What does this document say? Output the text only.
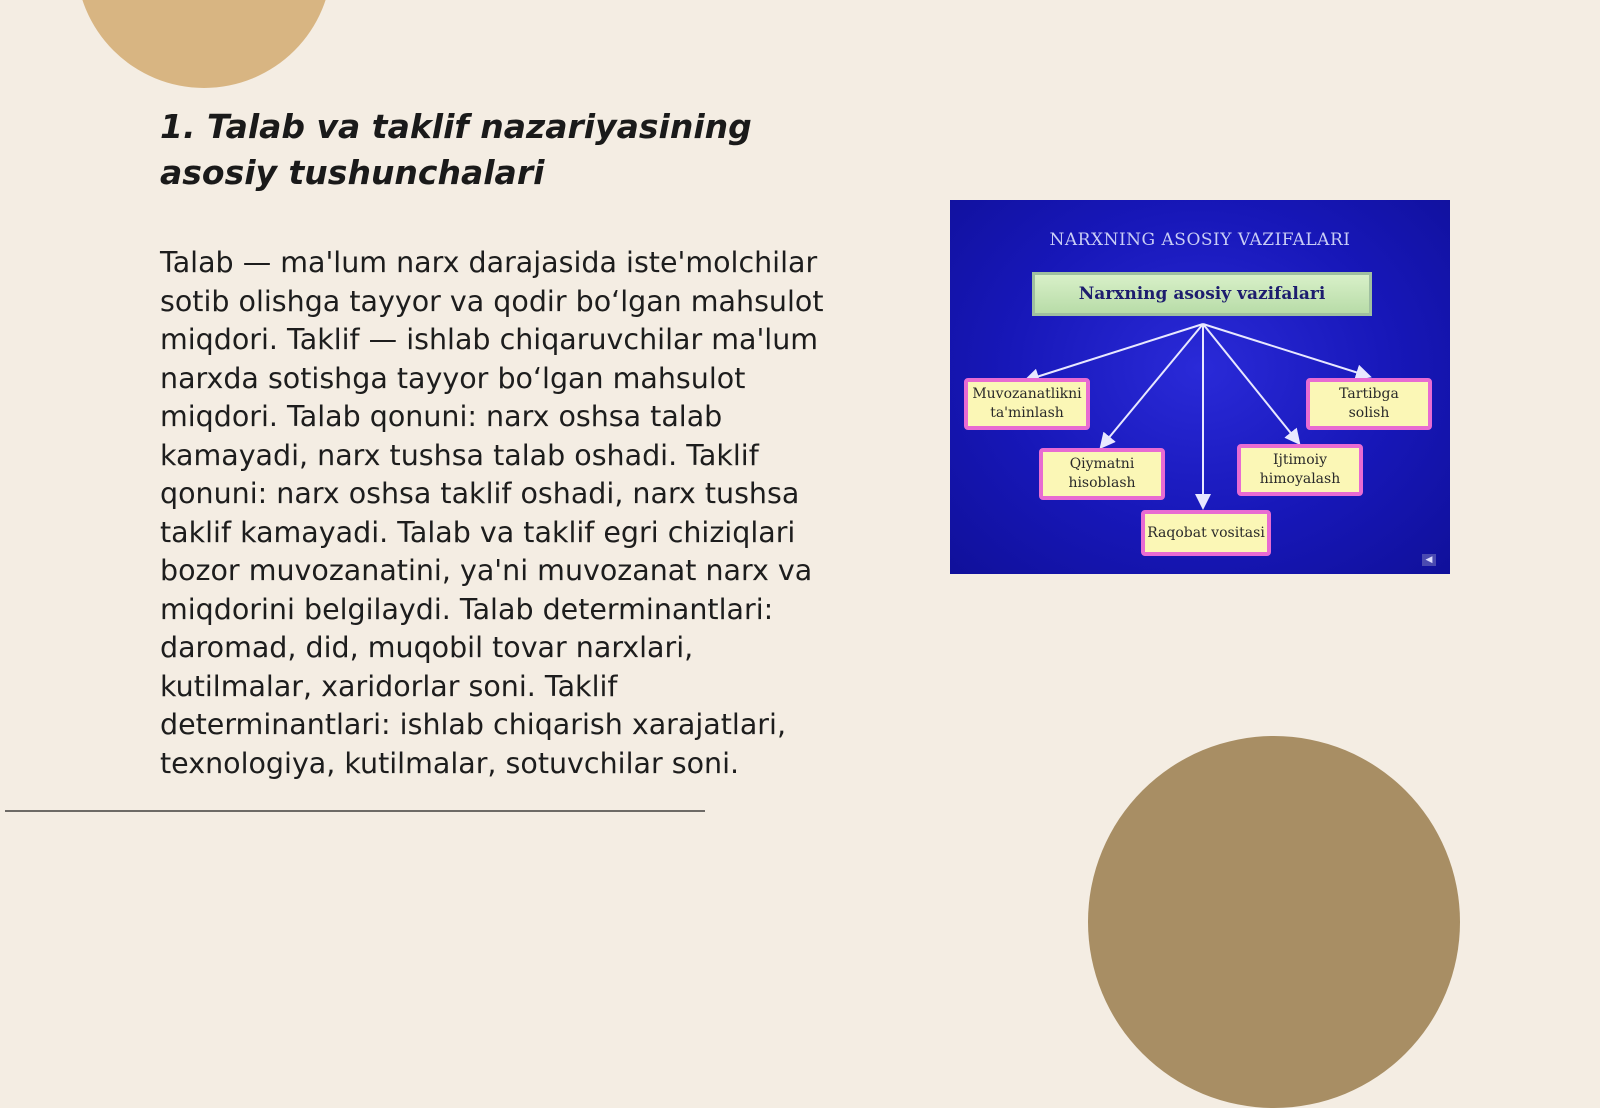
1. Talab va taklif nazariyasining asosiy tushunchalari

Talab — ma'lum narx darajasida iste'molchilar sotib olishga tayyor va qodir bo‘lgan mahsulot miqdori. Taklif — ishlab chiqaruvchilar ma'lum narxda sotishga tayyor bo‘lgan mahsulot miqdori. Talab qonuni: narx oshsa talab kamayadi, narx tushsa talab oshadi. Taklif qonuni: narx oshsa taklif oshadi, narx tushsa taklif kamayadi. Talab va taklif egri chiziqlari bozor muvozanatini, ya'ni muvozanat narx va miqdorini belgilaydi. Talab determinantlari: daromad, did, muqobil tovar narxlari, kutilmalar, xaridorlar soni. Taklif determinantlari: ishlab chiqarish xarajatlari, texnologiya, kutilmalar, sotuvchilar soni.

NARXNING ASOSIY VAZIFALARI
Narxning asosiy vazifalari
Muvozanatlikni
ta'minlash
Qiymatni
hisoblash
Raqobat vositasi
Ijtimoiy
himoyalash
Tartibga
solish
◀
